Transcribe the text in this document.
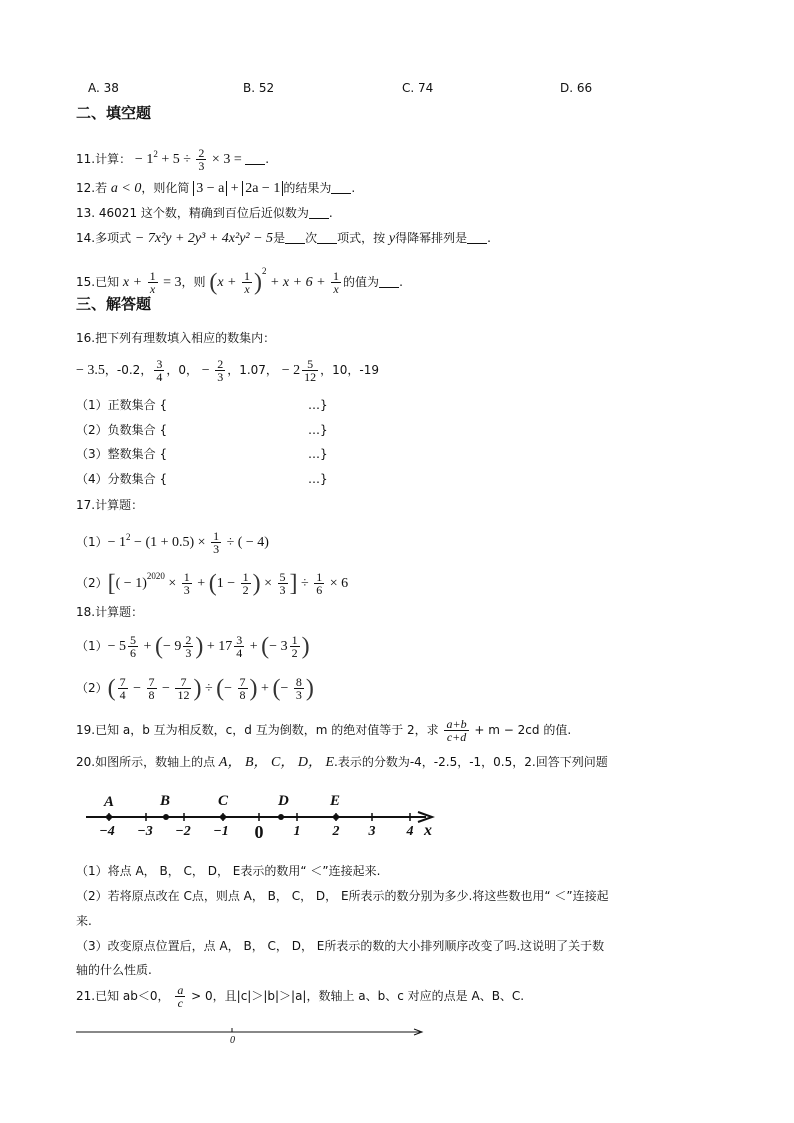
A. 38	B. 52	C. 74	D. 66
二、填空题
11.计算： − $1^2 + 5 \div \frac{2}{3} \times 3$ = .
12.若 a < 0，则化简 3 − a + 2a − 1 的结果为 .
13. 46021 这个数，精确到百位后近似数为 .
14.多项式 − 7x²y + 2y³ + 4x²y² − 5是 次 项式，按 y得降幂排列是 .
15.已知 $x + \frac{1}{x} = 3$，则 $(x + \frac{1}{x} )^2 + x + 6 + \frac{1}{x}$ 的值为 .
三、解答题
16.把下列有理数填入相应的数集内：
− 3.5，-0.2， $\frac{3}{4}$ ，0， − $\frac{2}{3}$ ，1.07， − $2 \frac{5}{12}$ ，10，-19
（1）正数集合 {	…}
（2）负数集合 {	…}
（3）整数集合 {	…}
（4）分数集合 {	…}
17.计算题：
$(1)- 1^2 - (1 + 0.5) \times \frac{1}{3}$ ÷ ( − 4)
$(2)[( - 1)^{2020} \times \frac{1}{3} + (1 - \frac{1}{2}$ ) × $\frac{5}{3}$ ] ÷ $\frac{1}{6} \times 6$
18.计算题：
$(1)- 5 \frac{5}{6}$ + (− $9 \frac{2}{3}$ ) + $17 \frac{3}{4}$ + (− $3 \frac{1}{2}$ )
$(2)( \frac{7}{4} - \frac{7}{8} - \frac{7}{12}$ ) ÷ (− $\frac{7}{8}$ ) + (− $\frac{8}{3}$ )
19.已知 a，b 互为相反数，c，d 互为倒数，m 的绝对值等于 2，求 $\frac{a+b}{c+d} + m - 2cd$ 的值.
20.如图所示，数轴上的点 A， B， C， D， E.表示的分数为-4，-2.5，-1，0.5，2.回答下列问题
A	B	C	D	E
x
−4 −3 −2 −1 0 1 2 3 4
（1）将点 A， B， C， D， E表示的数用“ ＜”连接起来.
（2）若将原点改在 C点，则点 A， B， C， D， E所表示的数分别为多少.将这些数也用“ ＜”连接起
来.
（3）改变原点位置后，点 A， B， C， D， E所表示的数的大小排列顺序改变了吗.这说明了关于数
轴的什么性质.
21.已知 ab＜0， $\frac{a}{c} > 0$，且|c|＞|b|＞|a|，数轴上 a、b、c 对应的点是 A、B、C.
0
